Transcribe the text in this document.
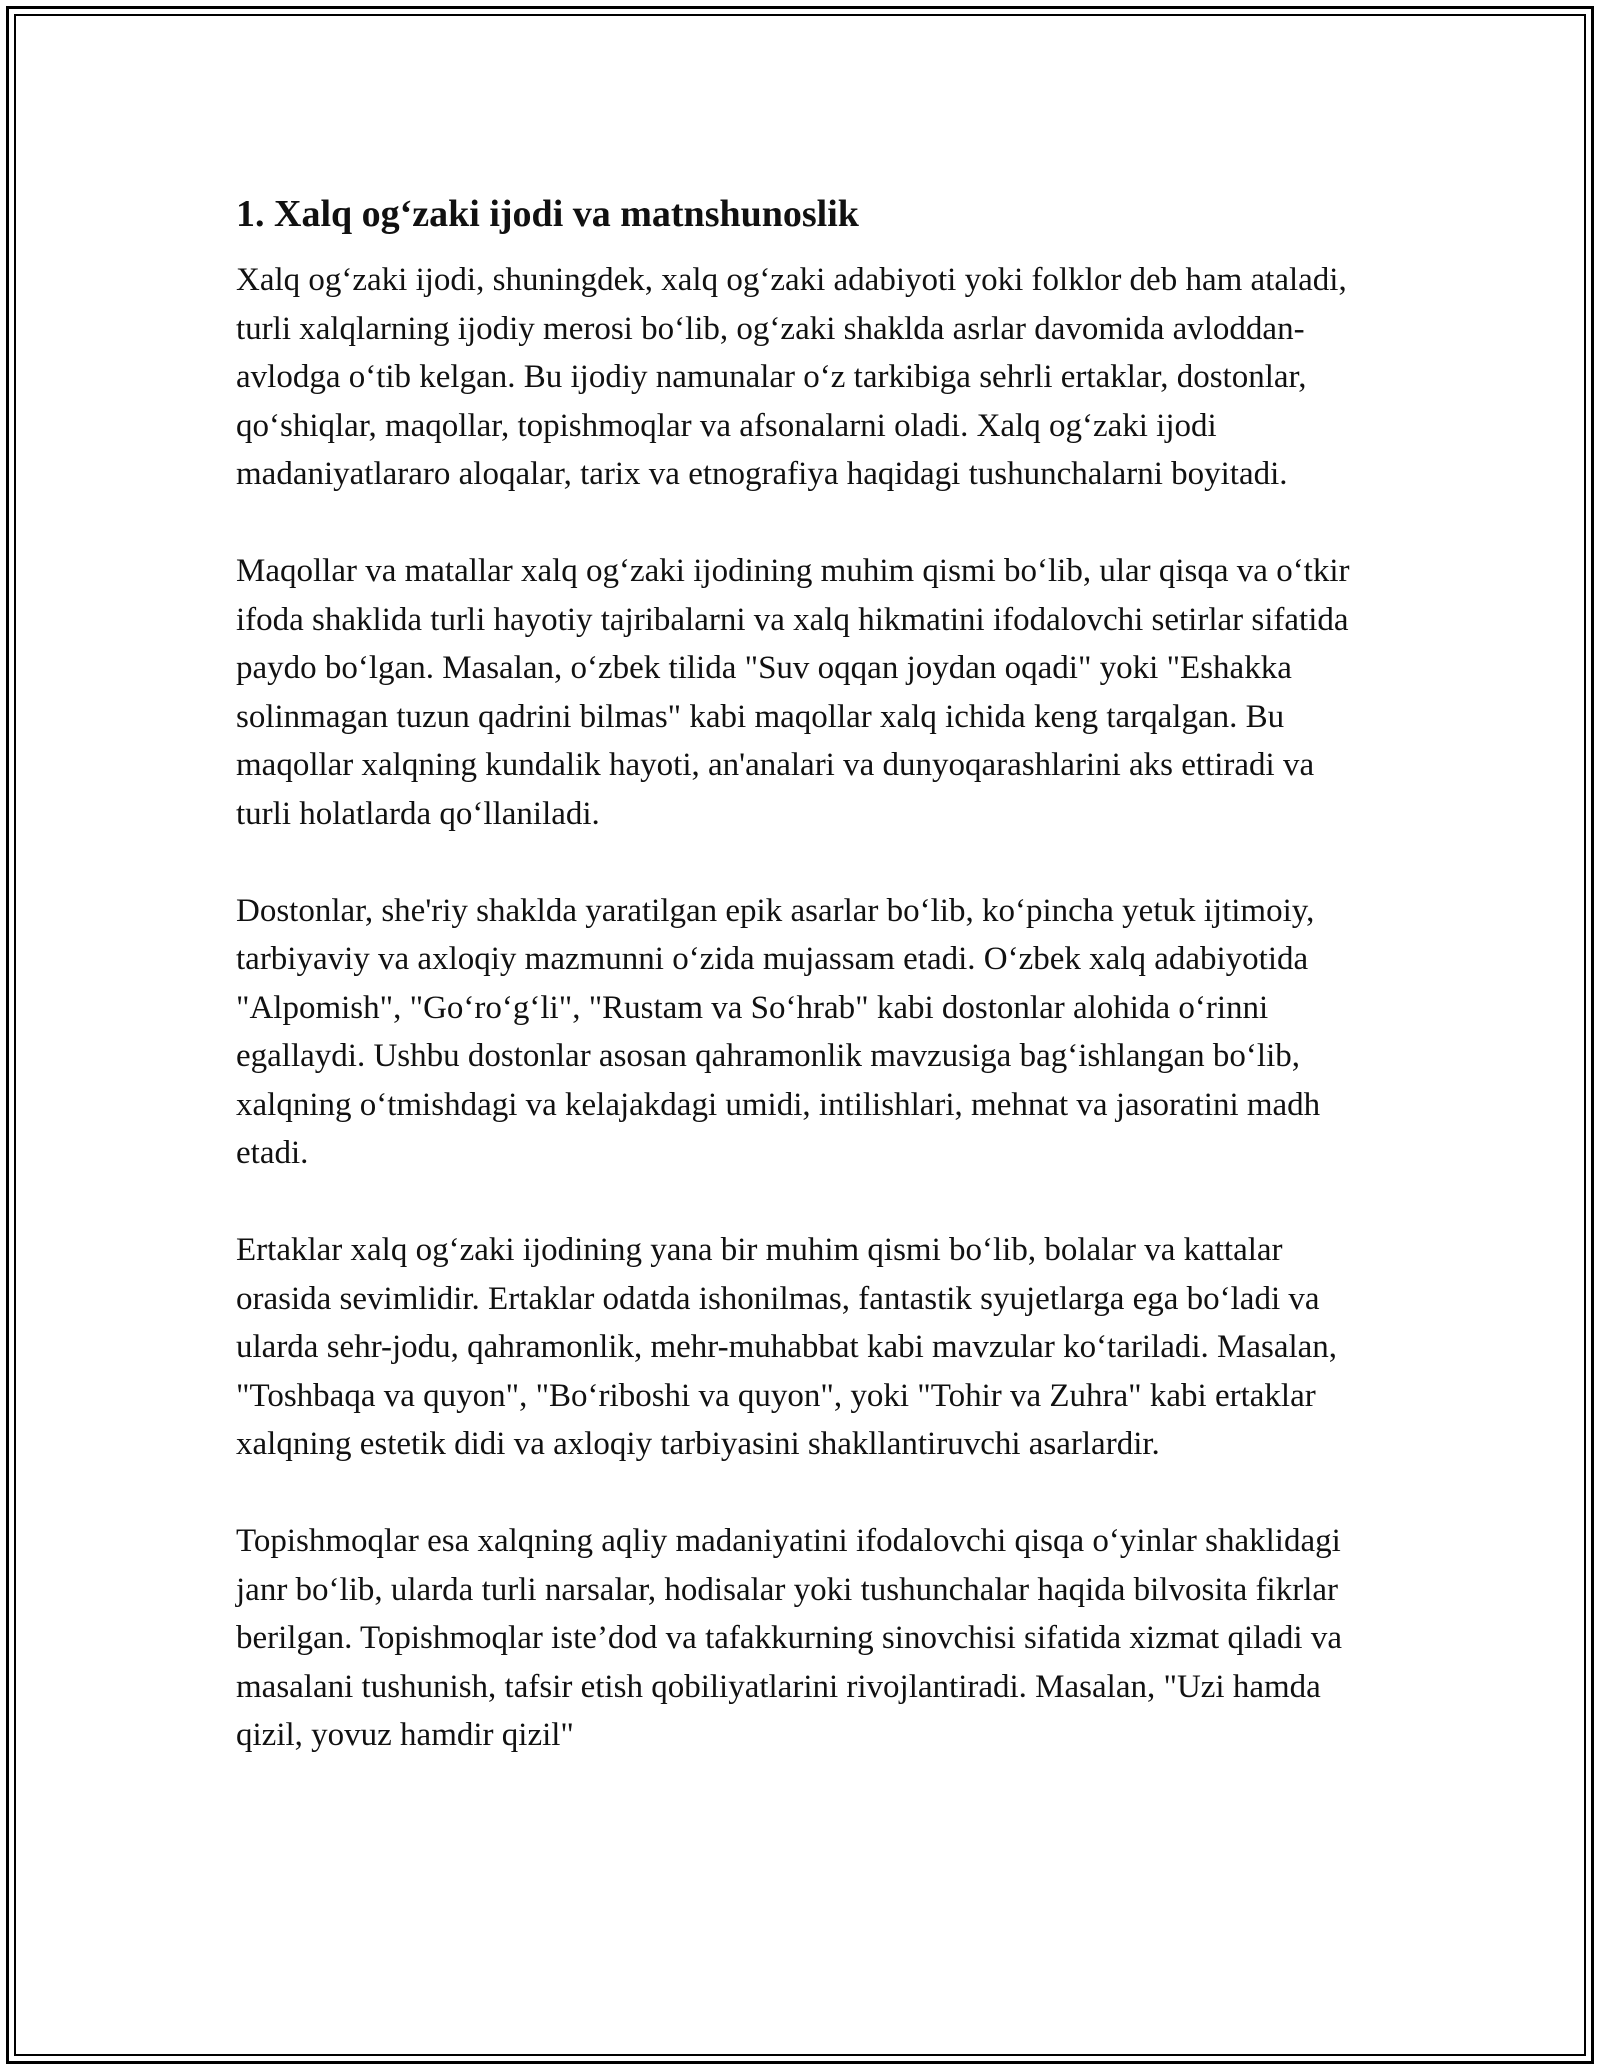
1. Xalq og‘zaki ijodi va matnshunoslik

Xalq og‘zaki ijodi, shuningdek, xalq og‘zaki adabiyoti yoki folklor deb ham ataladi, turli xalqlarning ijodiy merosi bo‘lib, og‘zaki shaklda asrlar davomida avloddan-avlodga o‘tib kelgan. Bu ijodiy namunalar o‘z tarkibiga sehrli ertaklar, dostonlar, qo‘shiqlar, maqollar, topishmoqlar va afsonalarni oladi. Xalq og‘zaki ijodi madaniyatlararo aloqalar, tarix va etnografiya haqidagi tushunchalarni boyitadi.

Maqollar va matallar xalq og‘zaki ijodining muhim qismi bo‘lib, ular qisqa va o‘tkir ifoda shaklida turli hayotiy tajribalarni va xalq hikmatini ifodalovchi setirlar sifatida paydo bo‘lgan. Masalan, o‘zbek tilida "Suv oqqan joydan oqadi" yoki "Eshakka solinmagan tuzun qadrini bilmas" kabi maqollar xalq ichida keng tarqalgan. Bu maqollar xalqning kundalik hayoti, an'analari va dunyoqarashlarini aks ettiradi va turli holatlarda qo‘llaniladi.

Dostonlar, she'riy shaklda yaratilgan epik asarlar bo‘lib, ko‘pincha yetuk ijtimoiy, tarbiyaviy va axloqiy mazmunni o‘zida mujassam etadi. O‘zbek xalq adabiyotida "Alpomish", "Go‘ro‘g‘li", "Rustam va So‘hrab" kabi dostonlar alohida o‘rinni egallaydi. Ushbu dostonlar asosan qahramonlik mavzusiga bag‘ishlangan bo‘lib, xalqning o‘tmishdagi va kelajakdagi umidi, intilishlari, mehnat va jasoratini madh etadi.

Ertaklar xalq og‘zaki ijodining yana bir muhim qismi bo‘lib, bolalar va kattalar orasida sevimlidir. Ertaklar odatda ishonilmas, fantastik syujetlarga ega bo‘ladi va ularda sehr-jodu, qahramonlik, mehr-muhabbat kabi mavzular ko‘tariladi. Masalan, "Toshbaqa va quyon", "Bo‘riboshi va quyon", yoki "Tohir va Zuhra" kabi ertaklar xalqning estetik didi va axloqiy tarbiyasini shakllantiruvchi asarlardir.

Topishmoqlar esa xalqning aqliy madaniyatini ifodalovchi qisqa o‘yinlar shaklidagi janr bo‘lib, ularda turli narsalar, hodisalar yoki tushunchalar haqida bilvosita fikrlar berilgan. Topishmoqlar iste’dod va tafakkurning sinovchisi sifatida xizmat qiladi va masalani tushunish, tafsir etish qobiliyatlarini rivojlantiradi. Masalan, "Uzi hamda qizil, yovuz hamdir qizil"
